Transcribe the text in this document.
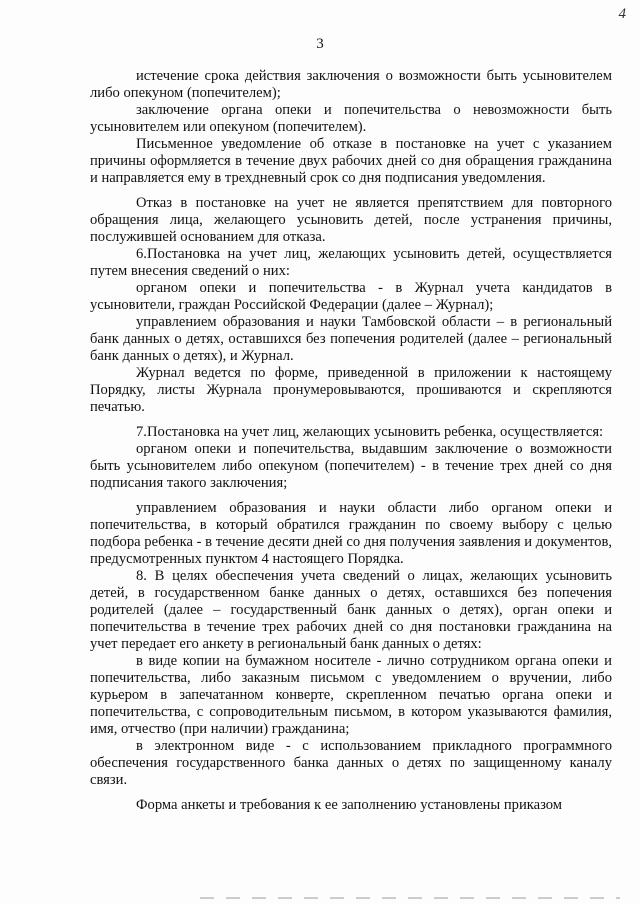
4
3

истечение срока действия заключения о возможности быть усыновителем либо опекуном (попечителем);

заключение органа опеки и попечительства о невозможности быть усыновителем или опекуном (попечителем).

Письменное уведомление об отказе в постановке на учет с указанием причины оформляется в течение двух рабочих дней со дня обращения гражданина и направляется ему в трехдневный срок со дня подписания уведомления.

Отказ в постановке на учет не является препятствием для повторного обращения лица, желающего усыновить детей, после устранения причины, послужившей основанием для отказа.

6.Постановка на учет лиц, желающих усыновить детей, осуществляется путем внесения сведений о них:

органом опеки и попечительства - в Журнал учета кандидатов в усыновители, граждан Российской Федерации (далее – Журнал);

управлением образования и науки Тамбовской области – в региональный банк данных о детях, оставшихся без попечения родителей (далее – региональный банк данных о детях), и Журнал.

Журнал ведется по форме, приведенной в приложении к настоящему Порядку, листы Журнала пронумеровываются, прошиваются и скрепляются печатью.

7.Постановка на учет лиц, желающих усыновить ребенка, осуществляется:

органом опеки и попечительства, выдавшим заключение о возможности быть усыновителем либо опекуном (попечителем) - в течение трех дней со дня подписания такого заключения;

управлением образования и науки области либо органом опеки и попечительства, в который обратился гражданин по своему выбору с целью подбора ребенка - в течение десяти дней со дня получения заявления и документов, предусмотренных пунктом 4 настоящего Порядка.

8. В целях обеспечения учета сведений о лицах, желающих усыновить детей, в государственном банке данных о детях, оставшихся без попечения родителей (далее – государственный банк данных о детях), орган опеки и попечительства в течение трех рабочих дней со дня постановки гражданина на учет передает его анкету в региональный банк данных о детях:

в виде копии на бумажном носителе - лично сотрудником органа опеки и попечительства, либо заказным письмом с уведомлением о вручении, либо курьером в запечатанном конверте, скрепленном печатью органа опеки и попечительства, с сопроводительным письмом, в котором указываются фамилия, имя, отчество (при наличии) гражданина;

в электронном виде - с использованием прикладного программного обеспечения государственного банка данных о детях по защищенному каналу связи.

Форма анкеты и требования к ее заполнению установлены приказом
